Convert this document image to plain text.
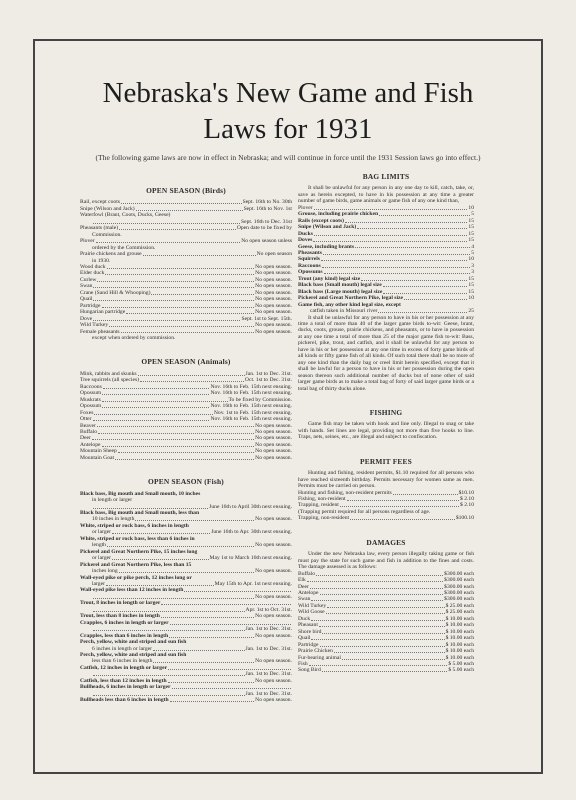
Nebraska's New Game and Fish
Laws for 1931
(The following game laws are now in effect in Nebraska; and will continue in force until the 1931 Session laws go into effect.)
OPEN SEASON (Birds)
Rail, except coots	Sept. 16th to No. 30th
Snipe (Wilson and Jack)	Sept. 16th to Nov. 1st
Waterfowl (Brant, Coots, Ducks, Geese)
Sept. 16th to Dec. 31st
Pheasants (male)	Open date to be fixed by
Commission.
Plover	No open season unless
ordered by the Commission.
Prairie chickens and grouse	No open season
in 1930.
Wood duck	No open season.
Elder duck	No open season.
Curlew	No open season.
Swan	No open season.
Crane (Sand Hill & Whooping)	No open season.
Quail	No open season.
Partridge	No open season.
Hungarian partridge	No open season.
Dove	Sept. 1st to Sept. 15th.
Wild Turkey	No open season.
Female pheasants	No open season.
except when ordered by commission.
OPEN SEASON (Animals)
Mink, rabbits and skunks	Jan. 1st to Dec. 31st.
Tree squirrels (all species)	Oct. 1st to Dec. 31st.
Raccoons	Nov. 16th to Feb. 15th next ensuing.
Opossum	Nov. 16th to Feb. 15th next ensuing.
Muskrats	To be fixed by Commission.
Opossum	Nov. 16th to Feb. 15th next ensuing.
Foxes	Nov. 1st to Feb. 15th next ensuing.
Otter	Nov. 16th to Feb. 15th next ensuing.
Beaver	No open season.
Buffalo	No open season.
Deer	No open season.
Antelope	No open season.
Mountain Sheep	No open season.
Mountain Goat	No open season.
OPEN SEASON (Fish)
Black bass, Big mouth and Small mouth, 10 inches
in length or larger
June 16th to April 30th next ensuing.
Black bass, Big mouth and Small mouth, less than
10 inches in length	No open season.
White, striped or rock bass, 6 inches in length
or larger	June 16th to Apr. 30th next ensuing.
White, striped or rock bass, less than 6 inches in
length	No open season.
Pickerel and Great Northern Pike, 15 inches long
or larger	May 1st to March 16th next ensuing.
Pickerel and Great Northern Pike, less than 15
inches long	No open season.
Wall-eyed pike or pike perch, 12 inches long or
larger	May 15th to Apr. 1st next ensuing.
Wall-eyed pike less than 12 inches in length
No open season.
Trout, 8 inches in length or larger
Apr. 1st to Oct. 31st.
Trout, less than 8 inches in length	No open season.
Crapples, 6 inches in length or larger
Jan. 1st to Dec. 31st.
Crapples, less than 6 inches in length	No open season.
Perch, yellow, white and striped and sun fish
6 inches in length or larger	Jan. 1st to Dec. 31st.
Perch, yellow, white and striped and sun fish
less than 6 inches in length	No open season.
Catfish, 12 inches in length or larger
Jan. 1st to Dec. 31st.
Catfish, less than 12 inches in length	No open season.
Bullheads, 6 inches in length or larger
Jan. 1st to Dec. 31st.
Bullheads less than 6 inches in length	No open season.
BAG LIMITS
It shall be unlawful for any person in any one day to kill, catch, take, or, save as herein excepted, to have in his possession at any time a greater number of game birds, game animals or game fish of any one kind than,
Plover	10
Grouse, including prairie chicken	5
Rails (except coots)	15
Snipe (Wilson and Jack)	15
Ducks	15
Doves	15
Geese, including brants	4
Pheasants	5
Squirrels	10
Raccoons	3
Opossums	3
Trout (any kind) legal size	15
Black bass (Small mouth) legal size	15
Black bass (Large mouth) legal size	15
Pickerel and Great Northern Pike, legal size	10
Game fish, any other kind legal size, except
catfish taken in Missouri river	25
It shall be unlawful for any person to have in his or her possession at any time a total of more than 40 of the larger game birds to-wit: Geese, brant, ducks, coots, grouse, prairie chickens, and pheasants, or to have in possession at any one time a total of more than 25 of the major game fish to-wit: Bass, pickerel, pike, trout, and catfish, and it shall be unlawful for any person to have in his or her possession at any one time in excess of forty game birds of all kinds or fifty game fish of all kinds. Of such total there shall be no more of any one kind than the daily bag or creel limit herein specified, except that it shall be lawful for a person to have in his or her possession during the open season thereon such additional number of ducks but of none other of said larger game birds as to make a total bag of forty of said larger game birds or a total bag of thirty ducks alone.
FISHING
Game fish may be taken with hook and line only. Illegal to snag or take with hands. Set lines are legal, providing not more than five hooks to line. Traps, nets, seines, etc., are illegal and subject to confiscation.
PERMIT FEES
Hunting and fishing, resident permits, $1.10 required for all persons who have reached sixteenth birthday. Permits necessary for women same as men. Permits must be carried on person.
Hunting and fishing, non-resident permits	$10.10
Fishing, non-resident	$ 2.10
Trapping, resident	$ 2.10
(Trapping permit required for all persons regardless of age.
Trapping, non-resident	$100.10
DAMAGES
Under the new Nebraska law, every person illegally taking game or fish must pay the state for such game and fish in addition to the fines and costs. The damage assessed is as follows:
Buffalo	$300.00 each
Elk	$300.00 each
Deer	$300.00 each
Antelope	$300.00 each
Swan	$300.00 each
Wild Turkey	$ 25.00 each
Wild Goose	$ 25.00 each
Duck	$ 10.00 each
Pheasant	$ 10.00 each
Shore bird	$ 10.00 each
Quail	$ 10.00 each
Partridge	$ 10.00 each
Prairie Chicken	$ 10.00 each
Fur-bearing animal	$ 10.00 each
Fish	$ 5.00 each
Song Bird	$ 5.00 each
